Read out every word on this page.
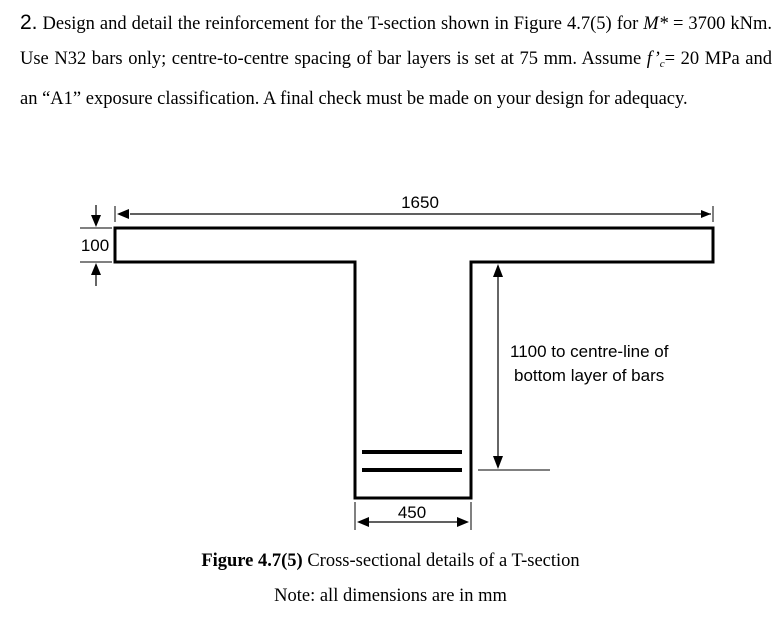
2. Design and detail the reinforcement for the T-section shown in Figure 4.7(5) for M* = 3700 kNm. Use N32 bars only; centre-to-centre spacing of bar layers is set at 75 mm. Assume $f’_c= 20$ MPa and an “A1” exposure classification. A final check must be made on your design for adequacy.
1650
100
1100 to centre-line of
bottom layer of bars
450
Figure 4.7(5) Cross-sectional details of a T-section
Note: all dimensions are in mm
